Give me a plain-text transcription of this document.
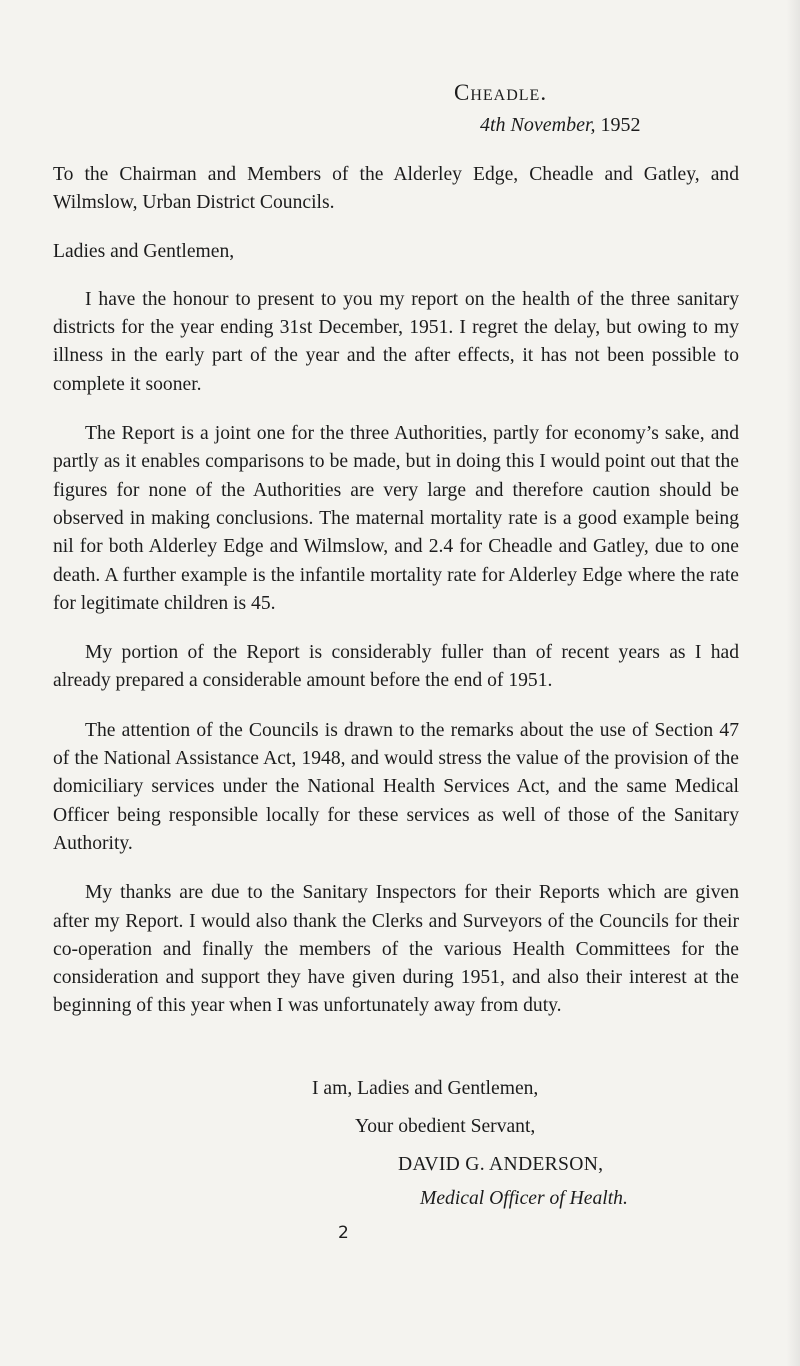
Cheadle.

4th November, 1952

To the Chairman and Members of the Alderley Edge, Cheadle and Gatley, and Wilmslow, Urban District Councils.

Ladies and Gentlemen,

I have the honour to present to you my report on the health of the three sanitary districts for the year ending 31st December, 1951. I regret the delay, but owing to my illness in the early part of the year and the after effects, it has not been possible to complete it sooner.

The Report is a joint one for the three Authorities, partly for economy’s sake, and partly as it enables comparisons to be made, but in doing this I would point out that the figures for none of the Authorities are very large and therefore caution should be observed in making conclusions. The maternal mortality rate is a good example being nil for both Alderley Edge and Wilmslow, and 2.4 for Cheadle and Gatley, due to one death. A further example is the infantile mortality rate for Alderley Edge where the rate for legitimate children is 45.

My portion of the Report is considerably fuller than of recent years as I had already prepared a considerable amount before the end of 1951.

The attention of the Councils is drawn to the remarks about the use of Section 47 of the National Assistance Act, 1948, and would stress the value of the provision of the domiciliary services under the National Health Services Act, and the same Medical Officer being responsible locally for these services as well of those of the Sanitary Authority.

My thanks are due to the Sanitary Inspectors for their Reports which are given after my Report. I would also thank the Clerks and Surveyors of the Councils for their co-operation and finally the members of the various Health Committees for the consideration and support they have given during 1951, and also their interest at the beginning of this year when I was unfortunately away from duty.

I am, Ladies and Gentlemen,

Your obedient Servant,

DAVID G. ANDERSON,

Medical Officer of Health.

2
